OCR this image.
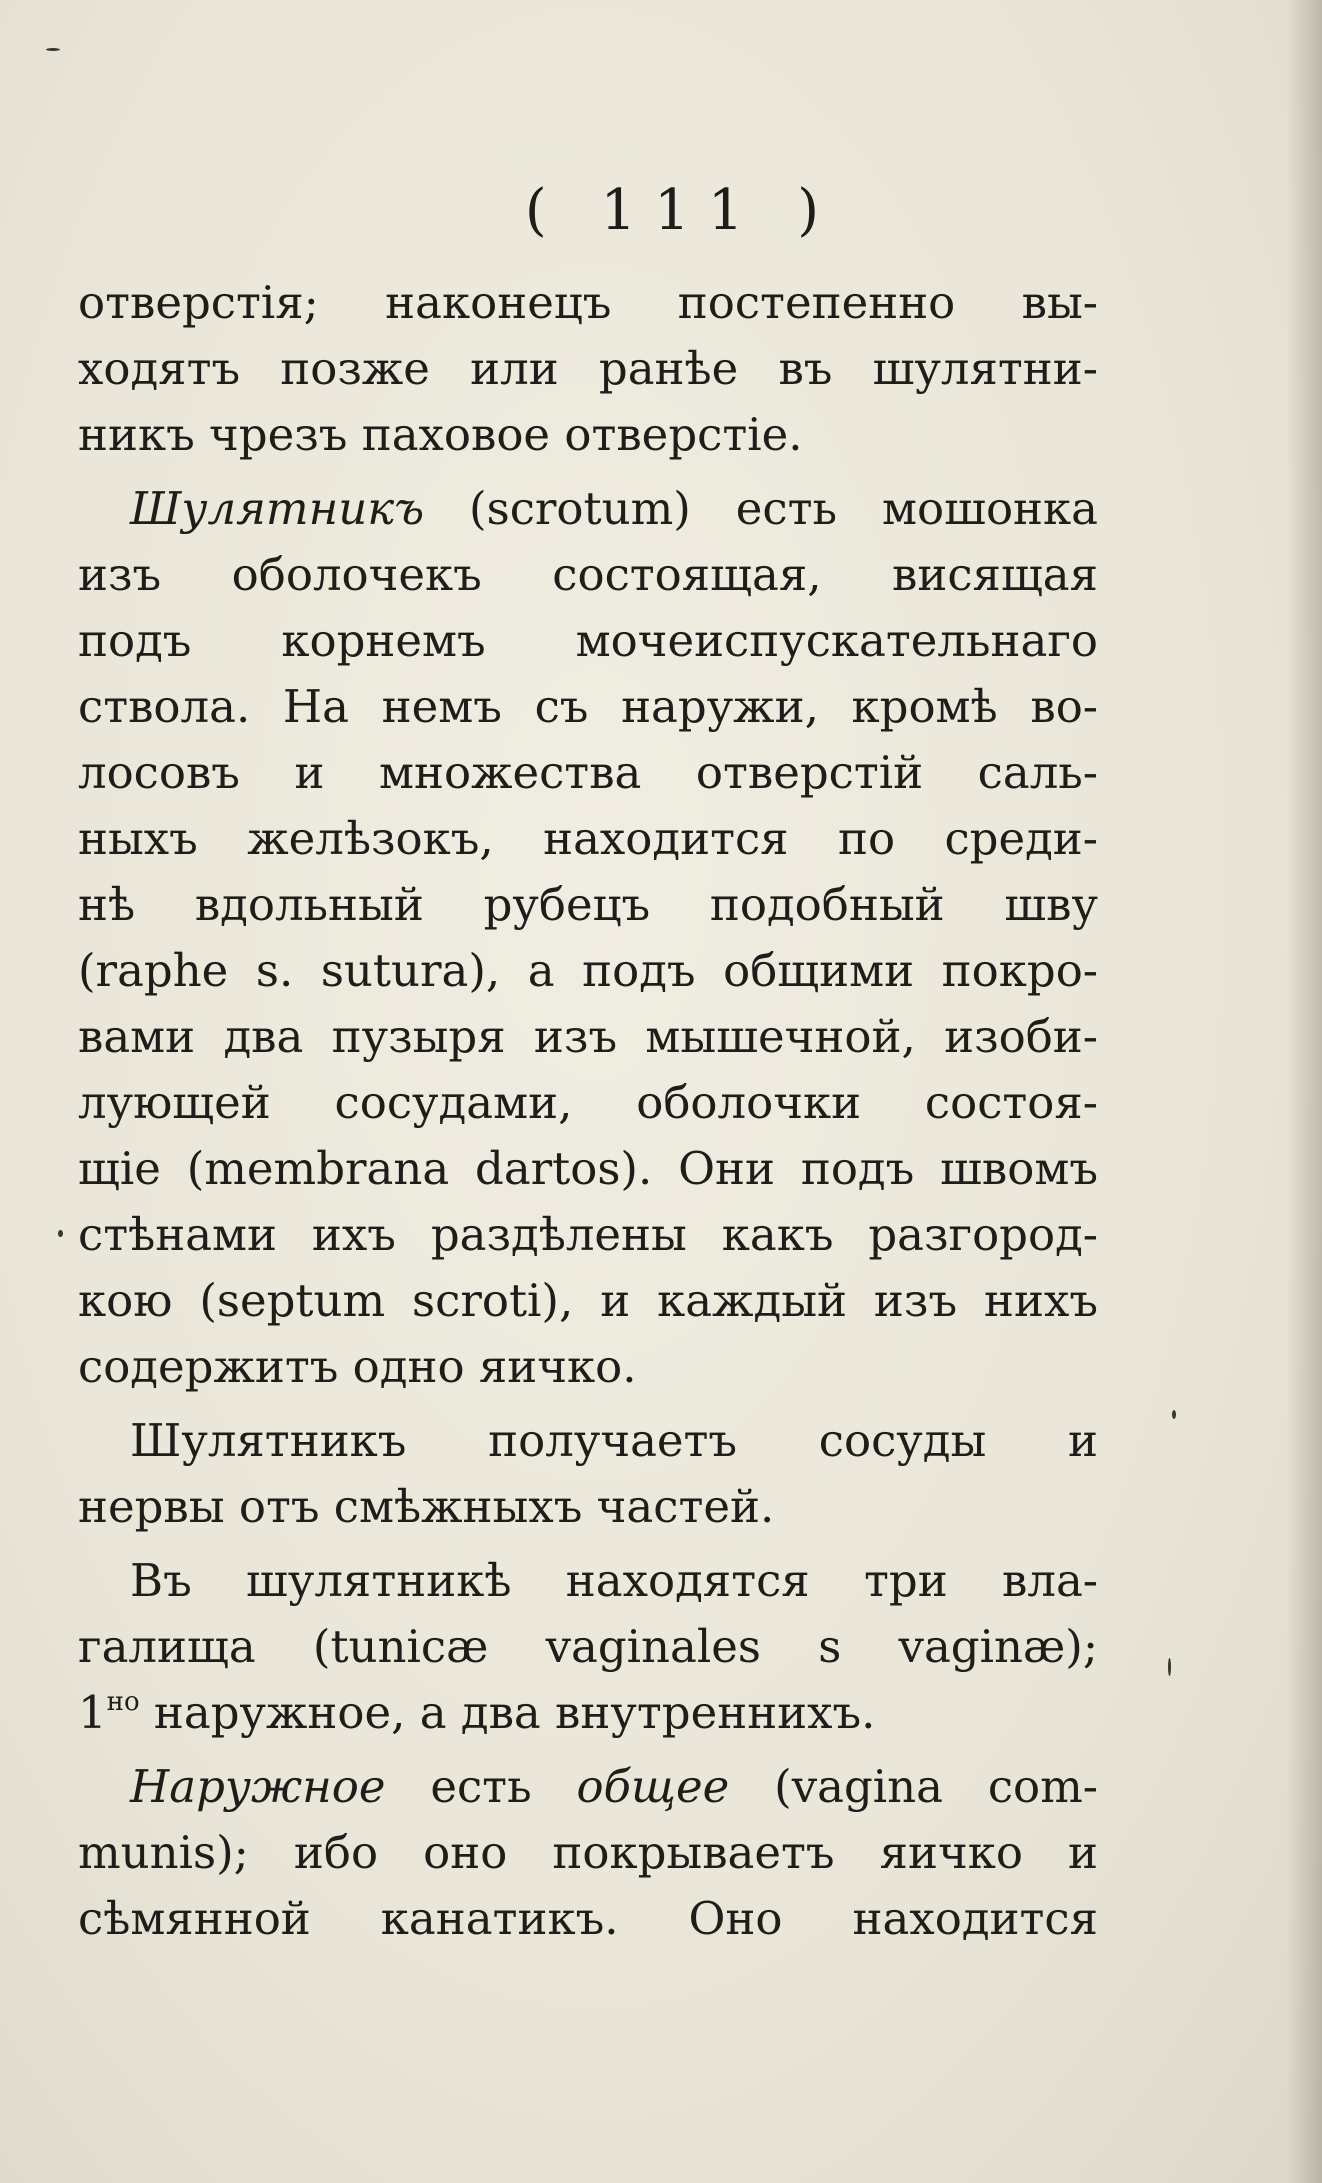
( 111 )
отверстія; наконецъ постепенно вы-
ходятъ позже или ранѣе въ шулятни-
никъ чрезъ паховое отверстіе.
Шулятникъ (scrotum) есть мошонка
изъ оболочекъ состоящая, висящая
подъ корнемъ мочеиспускательнаго
ствола. На немъ съ наружи, кромѣ во-
лосовъ и множества отверстій саль-
ныхъ желѣзокъ, находится по среди-
нѣ вдольный рубецъ подобный шву
(raphe s. sutura), а подъ общими покро-
вами два пузыря изъ мышечной, изоби-
лующей сосудами, оболочки состоя-
щіе (membrana dartos). Они подъ швомъ
стѣнами ихъ раздѣлены какъ разгород-
кою (septum scroti), и каждый изъ нихъ
содержитъ одно яичко.
Шулятникъ получаетъ сосуды и
нервы отъ смѣжныхъ частей.
Въ шулятникѣ находятся три вла-
галища (tunicæ vaginales s vaginæ);
$1^{но}$ наружное, а два внутреннихъ.
Наружное есть общее (vagina com-
munis); ибо оно покрываетъ яичко и
сѣмянной канатикъ. Оно находится
